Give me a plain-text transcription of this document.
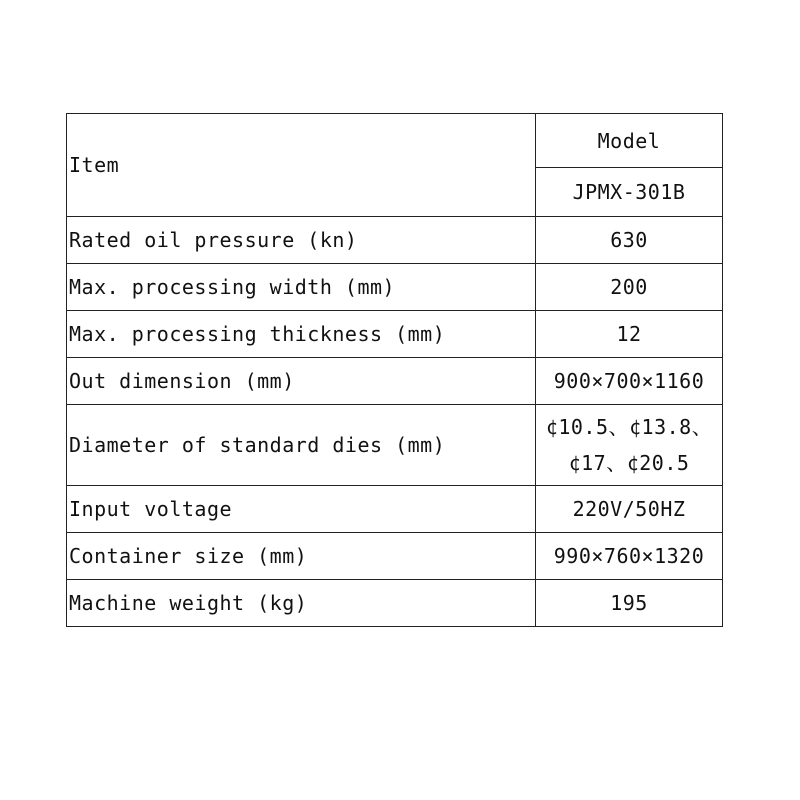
Item	Model
	JPMX-301B
Rated oil pressure (kn)	630
Max. processing width (mm)	200
Max. processing thickness (mm)	12
Out dimension (mm)	900×700×1160
Diameter of standard dies (mm)	¢10.5、¢13.8、
¢17、¢20.5

Input voltage	220V/50HZ
Container size (mm)	990×760×1320
Machine weight (kg)	195
